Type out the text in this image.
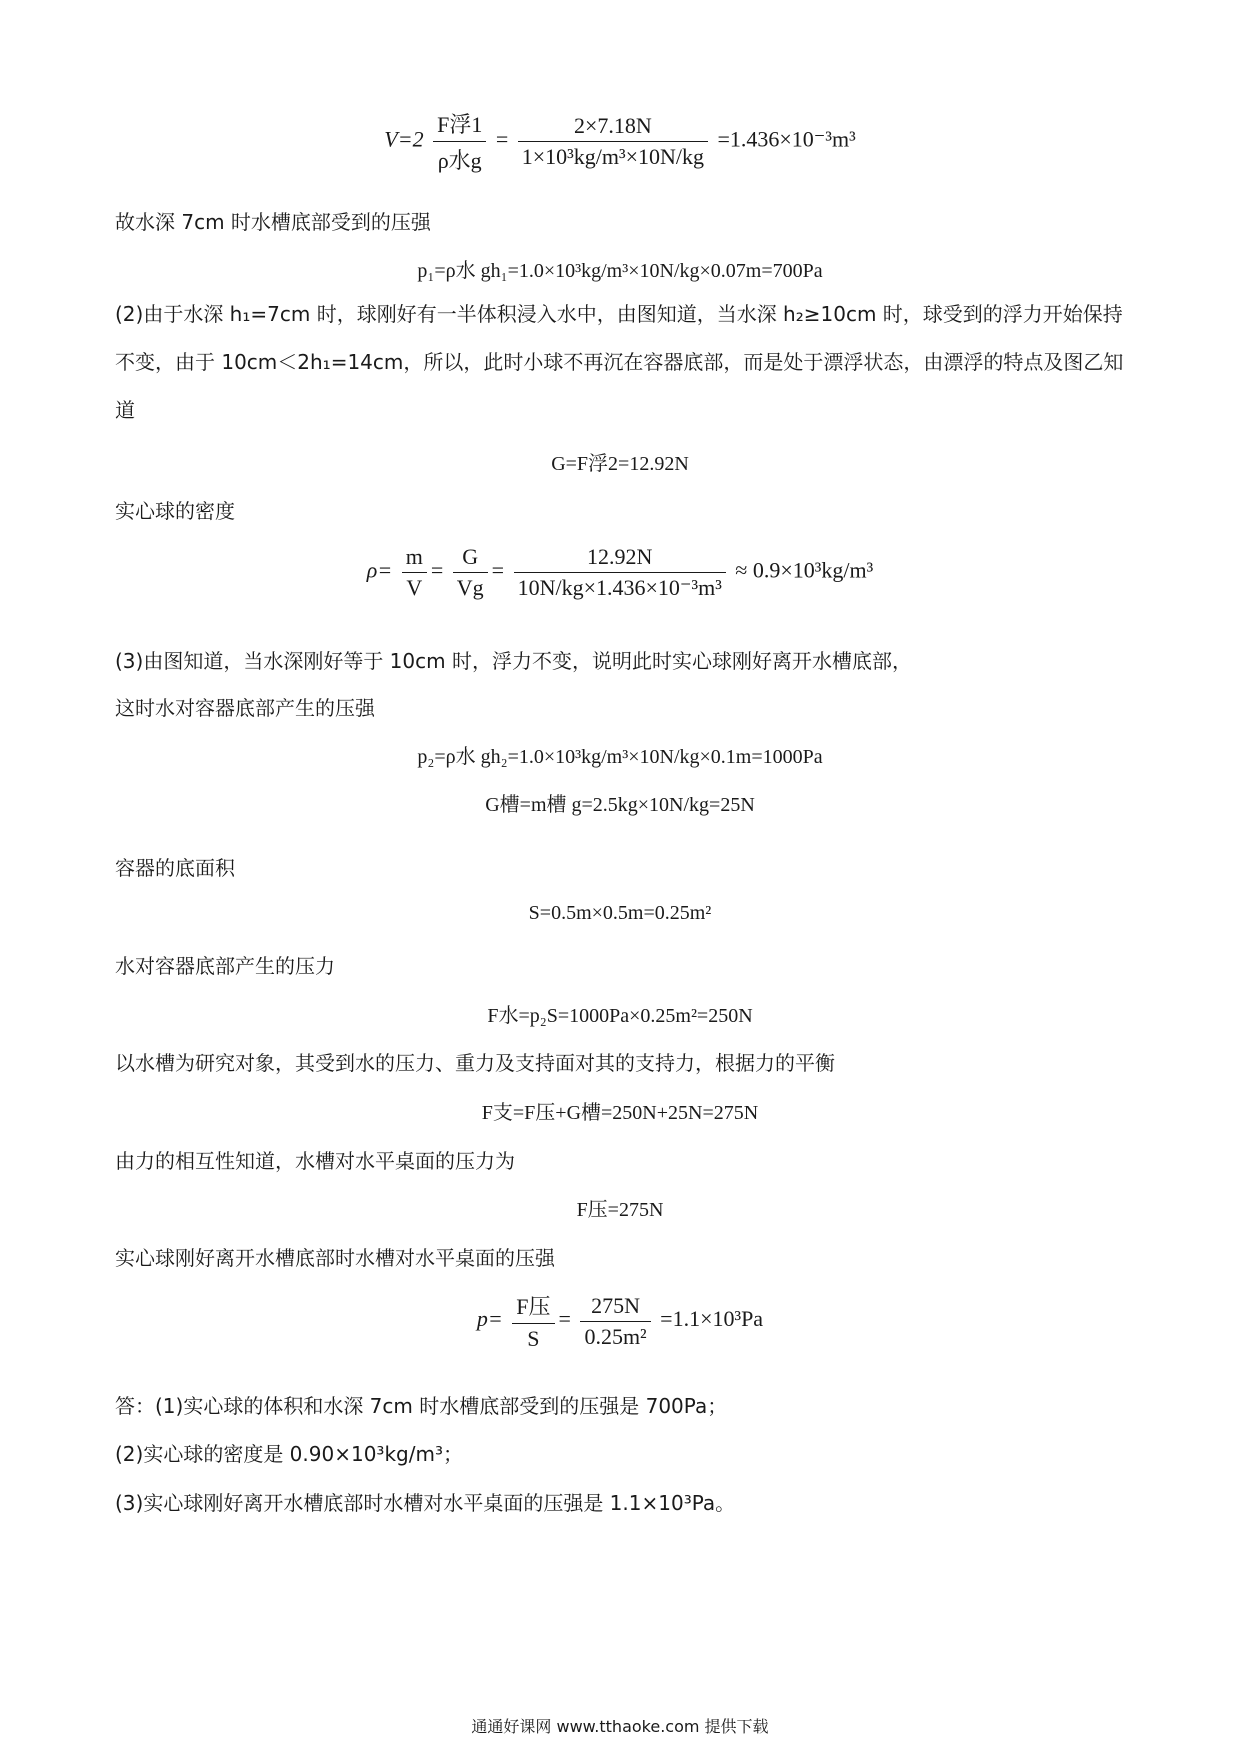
$V=2 \frac{\text{F浮1}}{\text{ρ水g}} = \frac{2\times 7.18N}{\text{1×10³kg/m³×10N/kg}} =1.436\times 10^{-3}m^3$
故水深 7cm 时水槽底部受到的压强
p₁=ρ水 gh₁=1.0×10³kg/m³×10N/kg×0.07m=700Pa
(2)由于水深 h₁=7cm 时，球刚好有一半体积浸入水中，由图知道，当水深 h₂≥10cm 时，球受到的浮力开始保持不变，由于 10cm＜2h₁=14cm，所以，此时小球不再沉在容器底部，而是处于漂浮状态，由漂浮的特点及图乙知道
G=F浮2=12.92N
实心球的密度
$\rho= \frac{m}{V} = \frac{G}{Vg} = \frac{12.92N}{\text{10N/kg×1.436×10⁻³m³}} \approx 0.9\times 10^3kg/m^3$
(3)由图知道，当水深刚好等于 10cm 时，浮力不变，说明此时实心球刚好离开水槽底部，
这时水对容器底部产生的压强
p₂=ρ水 gh₂=1.0×10³kg/m³×10N/kg×0.1m=1000Pa
G槽=m槽 g=2.5kg×10N/kg=25N
容器的底面积
S=0.5m×0.5m=0.25m²
水对容器底部产生的压力
F水=p₂S=1000Pa×0.25m²=250N
以水槽为研究对象，其受到水的压力、重力及支持面对其的支持力，根据力的平衡
F支=F压+G槽=250N+25N=275N
由力的相互性知道，水槽对水平桌面的压力为
F压=275N
实心球刚好离开水槽底部时水槽对水平桌面的压强
$p= \frac{\text{F压}}{S} = \frac{275N}{\text{0.25m²}} =1.1\times 10^3Pa$
答：(1)实心球的体积和水深 7cm 时水槽底部受到的压强是 700Pa；
(2)实心球的密度是 0.90×10³kg/m³；
(3)实心球刚好离开水槽底部时水槽对水平桌面的压强是 1.1×10³Pa。
通通好课网 www.tthaoke.com 提供下载
